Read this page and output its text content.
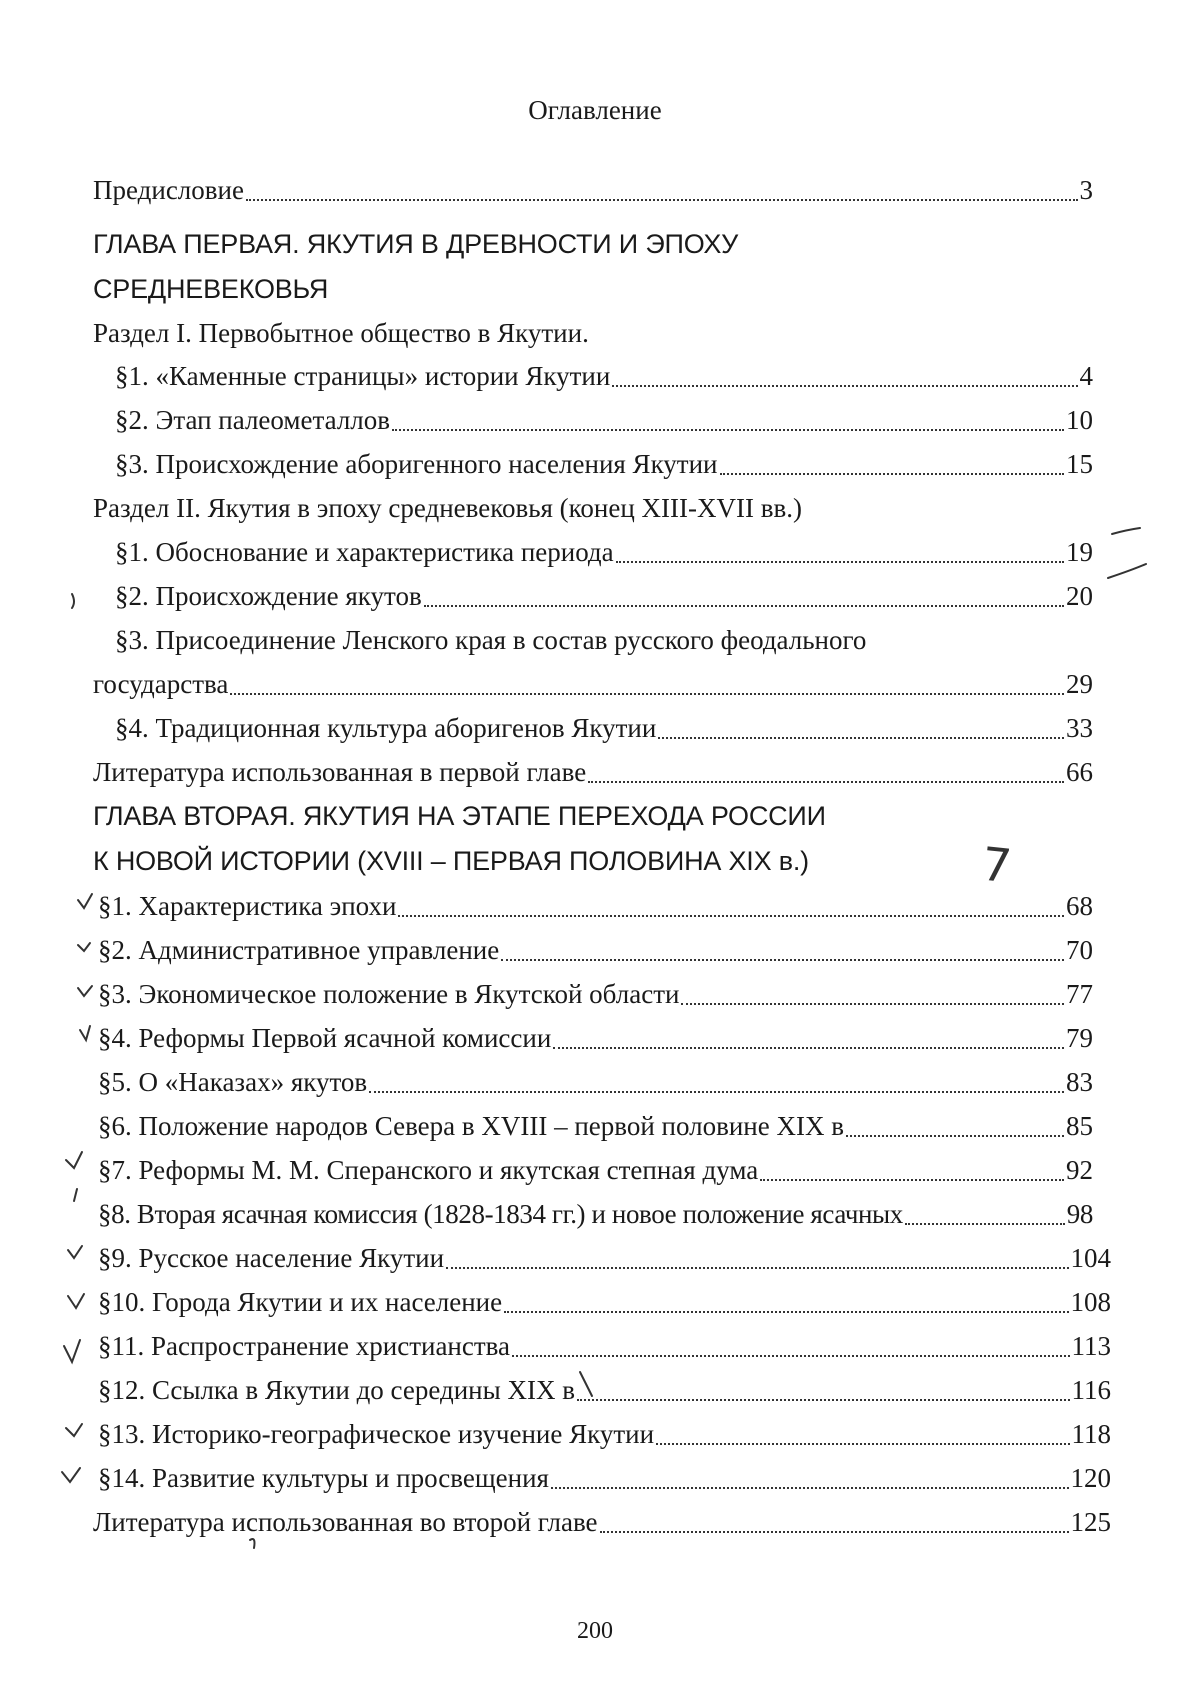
Оглавление
Предисловие	3
ГЛАВА ПЕРВАЯ. ЯКУТИЯ В ДРЕВНОСТИ И ЭПОХУ
СРЕДНЕВЕКОВЬЯ
Раздел I. Первобытное общество в Якутии.
§1. «Каменные страницы» истории Якутии	4
§2. Этап палеометаллов	10
§3. Происхождение аборигенного населения Якутии	15
Раздел II. Якутия в эпоху средневековья (конец XIII-XVII вв.)
§1. Обоснование и характеристика периода	19
§2. Происхождение якутов	20
§3. Присоединение Ленского края в состав русского феодального
государства	29
§4. Традиционная культура аборигенов Якутии	33
Литература использованная в первой главе	66
ГЛАВА ВТОРАЯ. ЯКУТИЯ НА ЭТАПЕ ПЕРЕХОДА РОССИИ
К НОВОЙ ИСТОРИИ (XVIII – ПЕРВАЯ ПОЛОВИНА XIX в.)
§1. Характеристика эпохи	68
§2. Административное управление	70
§3. Экономическое положение в Якутской области	77
§4. Реформы Первой ясачной комиссии	79
§5. О «Наказах» якутов	83
§6. Положение народов Севера в XVIII – первой половине XIX в	85
§7. Реформы М. М. Сперанского и якутская степная дума	92
§8. Вторая ясачная комиссия (1828-1834 гг.) и новое положение ясачных	98
§9. Русское население Якутии	104
§10. Города Якутии и их население	108
§11. Распространение христианства	113
§12. Ссылка в Якутии до середины XIX в	116
§13. Историко-географическое изучение Якутии	118
§14. Развитие культуры и просвещения	120
Литература использованная во второй главе	125
7
200
